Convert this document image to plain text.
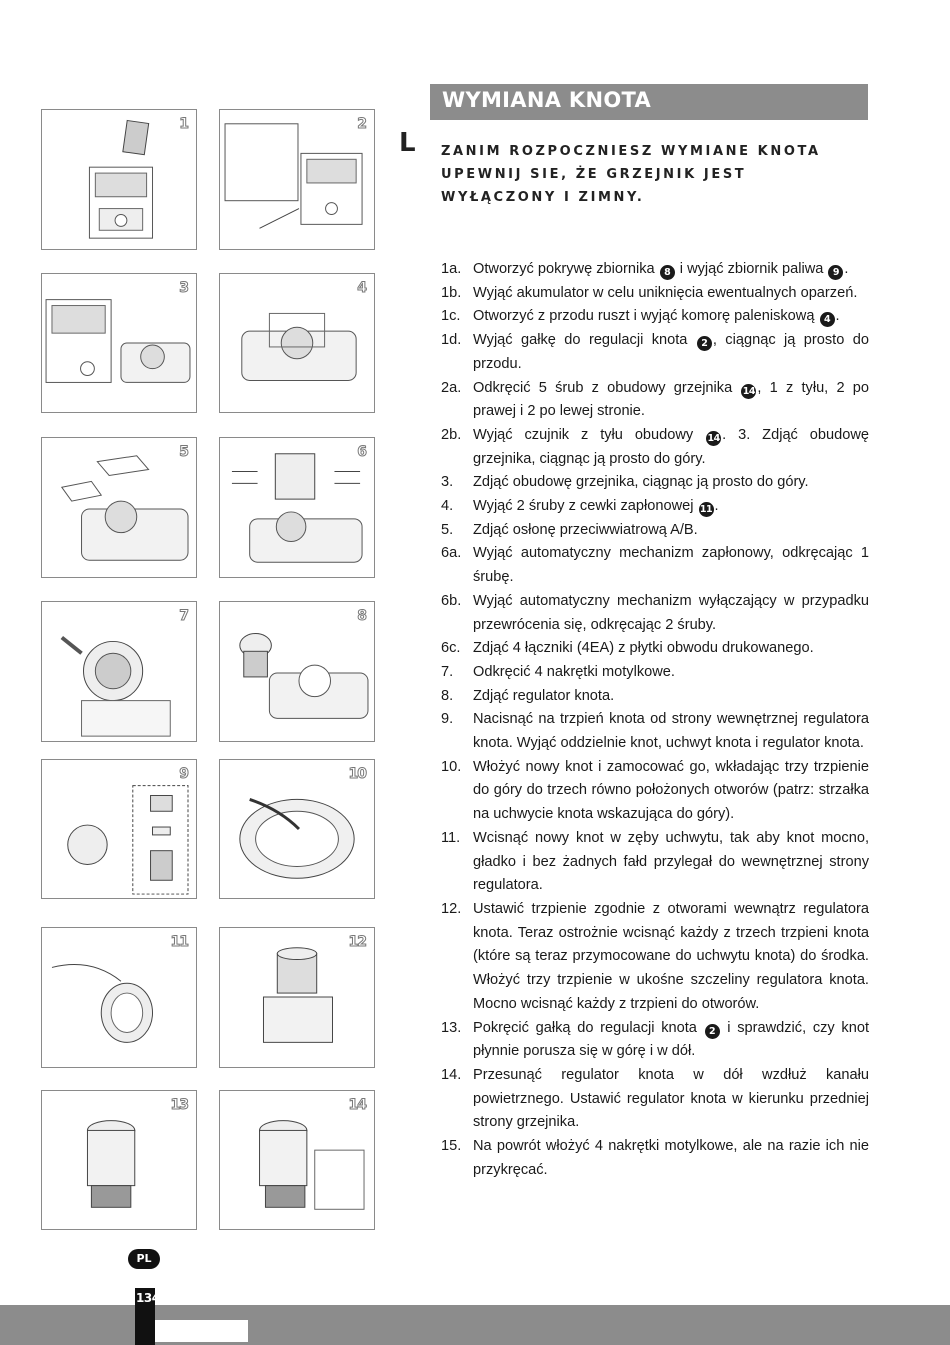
1	2
3	4
5	6
7	8
9	10
11	12
13	14
WYMIANA KNOTA
L ZANIM ROZPOCZNIESZ WYMIANE KNOTA UPEWNIJ SIE, ŻE GRZEJNIK JEST WYŁĄCZONY I ZIMNY.
1a. Otworzyć pokrywę zbiornika 8 i wyjąć zbiornik paliwa 9 .
1b. Wyjąć akumulator w celu uniknięcia ewentualnych oparzeń.
1c. Otworzyć z przodu ruszt i wyjąć komorę paleniskową 4 .
1d. Wyjąć gałkę do regulacji knota 2 , ciągnąc ją prosto do przodu.
2a. Odkręcić 5 śrub z obudowy grzejnika 14 , 1 z tyłu, 2 po prawej i 2 po lewej stronie.
2b. Wyjąć czujnik z tyłu obudowy 14 . 3. Zdjąć obudowę grzejnika, ciągnąc ją prosto do góry.
3.	Zdjąć obudowę grzejnika, ciągnąc ją prosto do góry.
4.	Wyjąć 2 śruby z cewki zapłonowej 11 .
5.	Zdjąć osłonę przeciwwiatrową A/B.
6a. Wyjąć automatyczny mechanizm zapłonowy, odkręcając 1 śrubę.
6b. Wyjąć automatyczny mechanizm wyłączający w przypadku przewrócenia się, odkręcając 2 śruby.
6c. Zdjąć 4 łączniki (4EA) z płytki obwodu drukowanego.
7.	Odkręcić 4 nakrętki motylkowe.
8.	Zdjąć regulator knota.
9.	Nacisnąć na trzpień knota od strony wewnętrznej regulatora knota. Wyjąć oddzielnie knot, uchwyt knota i regulator knota.
10. Włożyć nowy knot i zamocować go, wkładając trzy trzpienie do góry do trzech równo położonych otworów (patrz: strzałka na uchwycie knota wskazująca do góry).
11. Wcisnąć nowy knot w zęby uchwytu, tak aby knot mocno, gładko i bez żadnych fałd przylegał do wewnętrznej strony regulatora.
12. Ustawić trzpienie zgodnie z otworami wewnątrz regulatora knota. Teraz ostrożnie wcisnąć każdy z trzech trzpieni knota (które są teraz przymocowane do uchwytu knota) do środka. Włożyć trzy trzpienie w ukośne szczeliny regulatora knota. Mocno wcisnąć każdy z trzpieni do otworów.
13. Pokręcić gałką do regulacji knota 2 i sprawdzić, czy knot płynnie porusza się w górę i w dół.
14. Przesunąć regulator knota w dół wzdłuż kanału powietrznego. Ustawić regulator knota w kierunku przedniej strony grzejnika.
15. Na powrót włożyć 4 nakrętki motylkowe, ale na razie ich nie przykręcać.
PL
134
